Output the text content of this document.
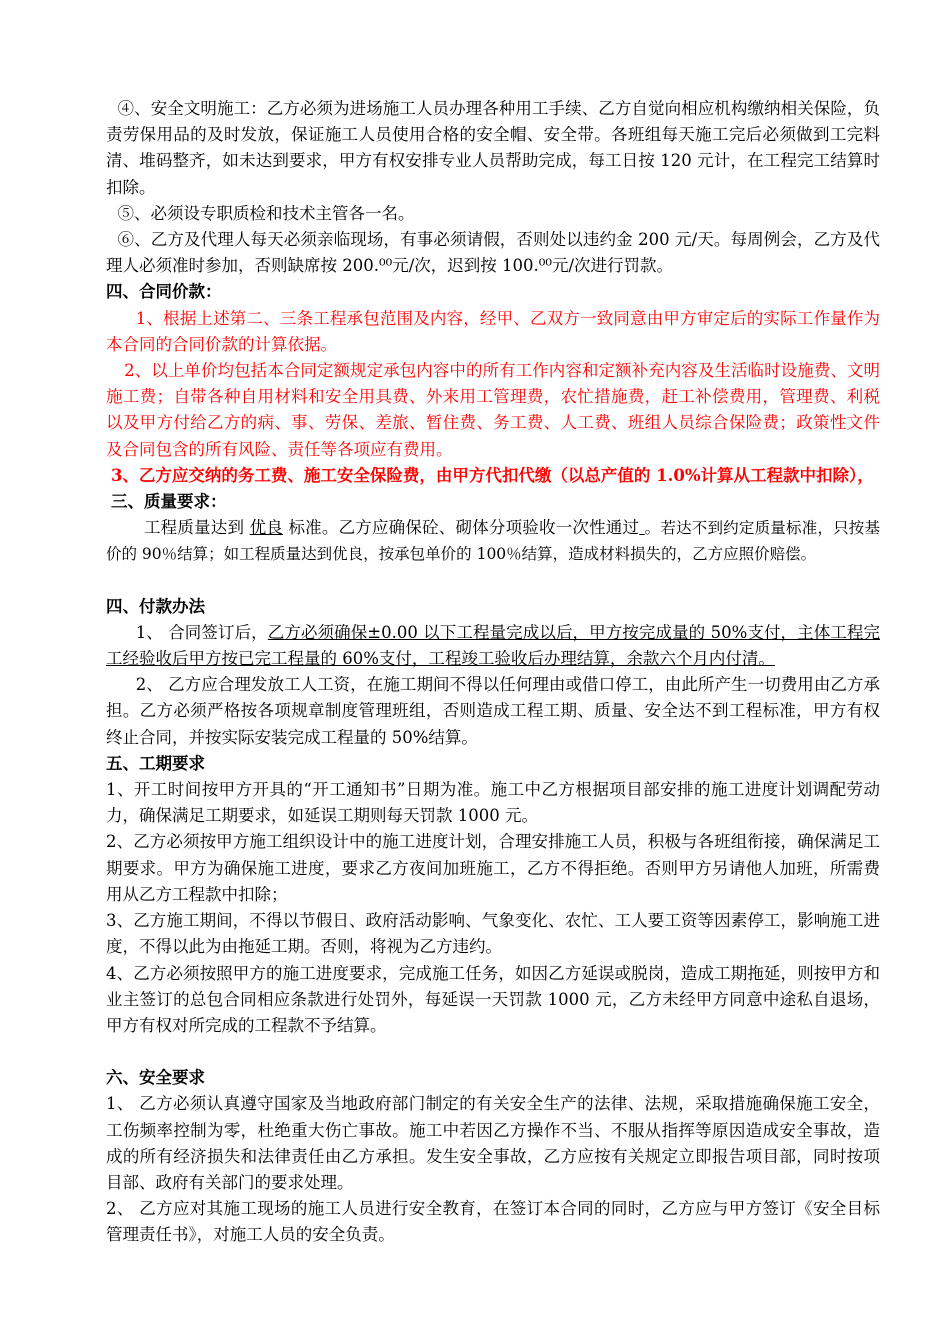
④、安全文明施工：乙方必须为进场施工人员办理各种用工手续、乙方自觉向相应机构缴纳相关保险，负责劳保用品的及时发放，保证施工人员使用合格的安全帽、安全带。各班组每天施工完后必须做到工完料清、堆码整齐，如未达到要求，甲方有权安排专业人员帮助完成，每工日按 120 元计，在工程完工结算时扣除。

⑤、必须设专职质检和技术主管各一名。

⑥、乙方及代理人每天必须亲临现场，有事必须请假，否则处以违约金 200 元/天。每周例会，乙方及代理人必须准时参加，否则缺席按 200.⁰⁰元/次，迟到按 100.⁰⁰元/次进行罚款。

四、合同价款：

1、根据上述第二、三条工程承包范围及内容，经甲、乙双方一致同意由甲方审定后的实际工作量作为本合同的合同价款的计算依据。

2、以上单价均包括本合同定额规定承包内容中的所有工作内容和定额补充内容及生活临时设施费、文明施工费；自带各种自用材料和安全用具费、外来用工管理费，农忙措施费，赶工补偿费用，管理费、利税以及甲方付给乙方的病、事、劳保、差旅、暂住费、务工费、人工费、班组人员综合保险费；政策性文件及合同包含的所有风险、责任等各项应有费用。

3、乙方应交纳的务工费、施工安全保险费，由甲方代扣代缴（以总产值的 1.0%计算从工程款中扣除），

三、质量要求：

工程质量达到 优良 标准。乙方应确保砼、砌体分项验收一次性通过 。若达不到约定质量标准，只按基价的 90％结算；如工程质量达到优良，按承包单价的 100％结算，造成材料损失的，乙方应照价赔偿。

四、付款办法

1、 合同签订后，乙方必须确保±0.00 以下工程量完成以后，甲方按完成量的 50%支付，主体工程完工经验收后甲方按已完工程量的 60%支付，工程竣工验收后办理结算，余款六个月内付清。

2、 乙方应合理发放工人工资，在施工期间不得以任何理由或借口停工，由此所产生一切费用由乙方承担。乙方必须严格按各项规章制度管理班组，否则造成工程工期、质量、安全达不到工程标准，甲方有权终止合同，并按实际安装完成工程量的 50%结算。

五、工期要求

1、开工时间按甲方开具的“开工通知书”日期为准。施工中乙方根据项目部安排的施工进度计划调配劳动力，确保满足工期要求，如延误工期则每天罚款 1000 元。

2、乙方必须按甲方施工组织设计中的施工进度计划，合理安排施工人员，积极与各班组衔接，确保满足工期要求。甲方为确保施工进度，要求乙方夜间加班施工，乙方不得拒绝。否则甲方另请他人加班，所需费用从乙方工程款中扣除；

3、乙方施工期间，不得以节假日、政府活动影响、气象变化、农忙、工人要工资等因素停工，影响施工进度，不得以此为由拖延工期。否则，将视为乙方违约。

4、乙方必须按照甲方的施工进度要求，完成施工任务，如因乙方延误或脱岗，造成工期拖延，则按甲方和业主签订的总包合同相应条款进行处罚外，每延误一天罚款 1000 元，乙方未经甲方同意中途私自退场，甲方有权对所完成的工程款不予结算。

六、安全要求

1、 乙方必须认真遵守国家及当地政府部门制定的有关安全生产的法律、法规，采取措施确保施工安全，工伤频率控制为零，杜绝重大伤亡事故。施工中若因乙方操作不当、不服从指挥等原因造成安全事故，造成的所有经济损失和法律责任由乙方承担。发生安全事故，乙方应按有关规定立即报告项目部，同时按项目部、政府有关部门的要求处理。

2、 乙方应对其施工现场的施工人员进行安全教育，在签订本合同的同时，乙方应与甲方签订《安全目标管理责任书》，对施工人员的安全负责。
